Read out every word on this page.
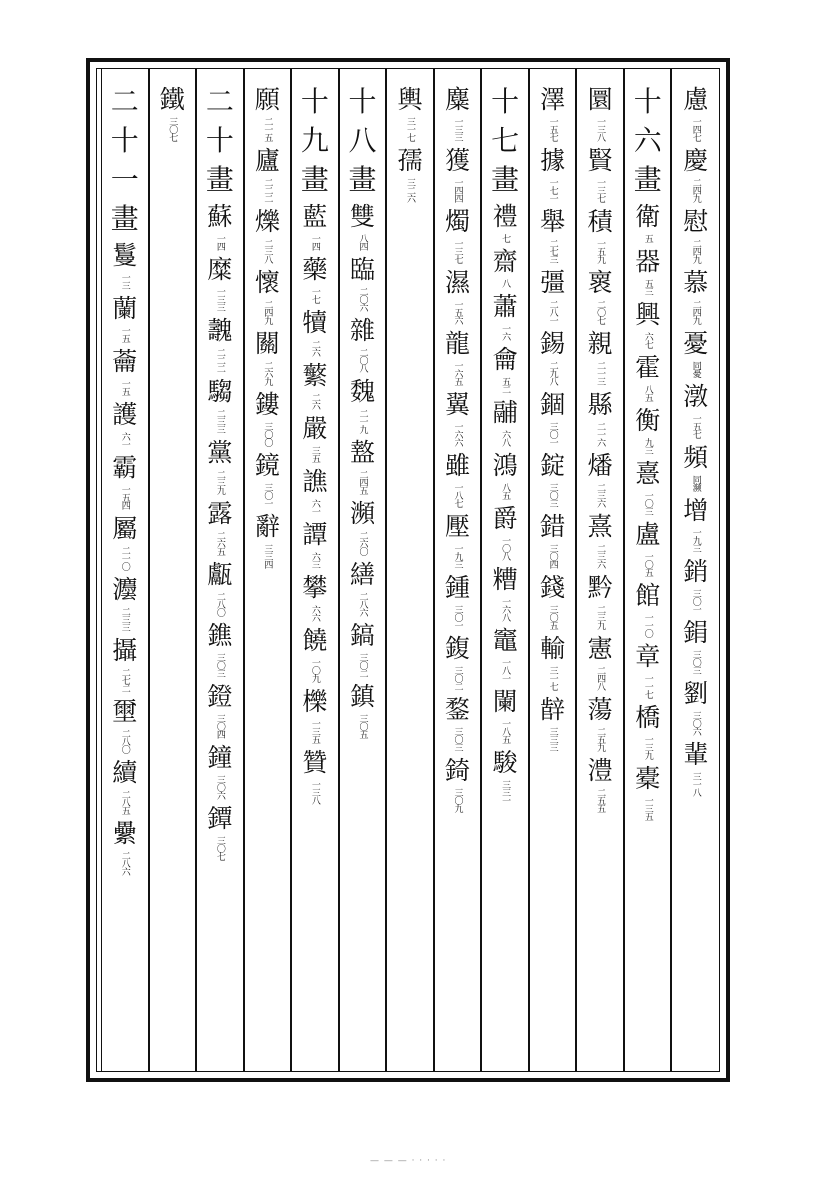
慮
一四七
慶
二四九
慰
二四九
慕
二四九
憂
同憂
潡
一五七
頻
同濒
增
一九三
銷
三〇一
鋗
三〇三
劉
三〇六
輩
三一八
十
六
畫
衛
五
器
五三
興
六七
霍
八五
衡
九三
憙
一〇三
盧
一〇五
館
一一〇
章
一一七
橋
一三九
橐
一三五
圜
一三八
賢
一三七
積
一五九
褱
二〇七
親
二一三
縣
二一六
燔
二三六
熹
二三六
黔
二三九
憲
二四八
蕩
二五九
澧
二五五
澤
一五七
據
一七一
舉
二七三
彊
二八一
錫
二九八
錮
三〇一
錠
三〇三
錯
三〇四
錢
三〇五
輸
三一七
辪
三三三
十
七
畫
禮
七
齋
八
蕭
一六
龠
五二
鬴
六八
鴻
八五
爵
一〇八
糟
一六八
竈
一八一
闌
一八五
駿
三三一
麋
一三三
獲
一四四
燭
一三七
濕
一五六
龍
一六五
翼
一六六
雖
一八七
壓
一九三
鍾
三〇一
鍑
三〇二
鍪
三〇三
錡
三〇九
輿
三一七
孺
三二六
十
八
畫
雙
八四
臨
二〇六
雜
二〇八
魏
二一九
盩
二四五
瀕
二六〇
繕
二八六
鎬
三〇二
鎮
三〇五
十
九
畫
藍
一四
藥
一七
犢
二六
蘩
二六
嚴
三五
譙
六一
譚
六三
攀
六六
饒
一〇九
櫟
一三五
贊
一三八
願
二一五
廬
二二二
爍
二三八
懷
二四九
關
二六九
鏤
三〇〇
鏡
三〇一
辭
三三四
二
十
畫
蘇
一四
糜
一三三
魗
二二二
騶
二三三
黨
二三九
露
二六五
甗
二八〇
鐎
三〇三
鐙
三〇四
鐘
三〇六
鐔
三〇七
鐵
三〇七
二
十
一
畫
鬘
一三
蘭
一五
蘥
一五
護
六一
霸
一五四
屬
二一〇
灋
二三三
攝
二七二
壐
二八〇
續
二八五
纍
二八六
— — — · · · · ·
